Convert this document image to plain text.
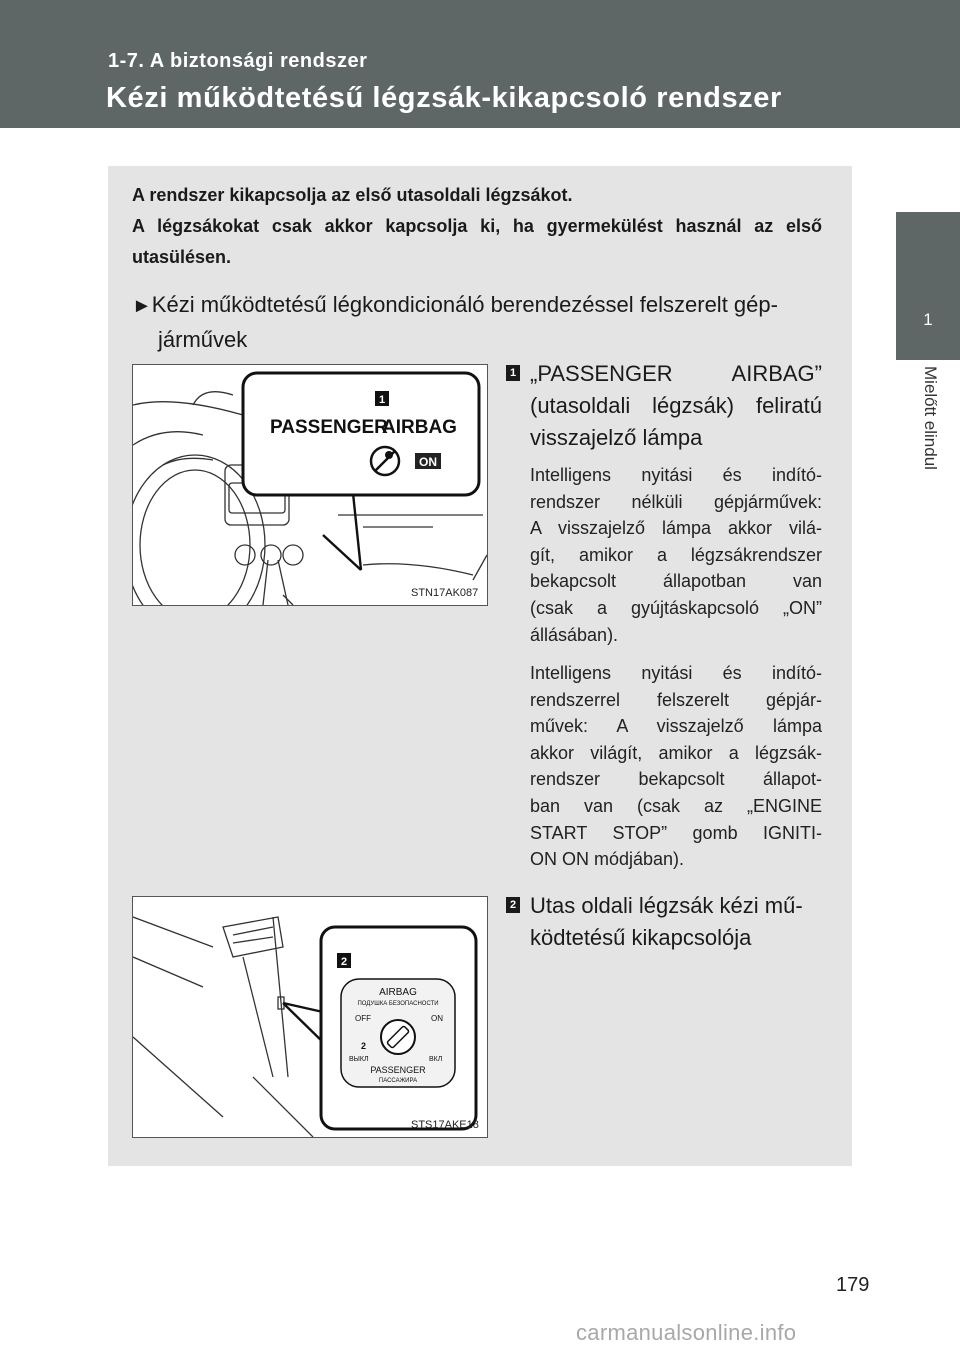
1-7. A biztonsági rendszer
Kézi működtetésű légzsák-kikapcsoló rendszer
1
Mielőtt elindul

A rendszer kikapcsolja az első utasoldali légzsákot.

A légzsákokat csak akkor kapcsolja ki, ha gyermekülést használ az első utasülésen.

►Kézi működtetésű légkondicionáló berendezéssel felszerelt gép-
járművek
1
PASSENGER
AIRBAG
ON
STN17AK087
2
AIRBAG
ПОДУШКА БЕЗОПАСНОСТИ
OFF	ON
2
ВЫКЛ	ВКЛ
PASSENGER
ПАССАЖИРА
STS17AKE18
1 „PASSENGER AIRBAG”
(utasoldali légzsák) feliratú
visszajelző lámpa
Intelligens nyitási és indító-
rendszer nélküli gépjárművek:
A visszajelző lámpa akkor vilá-
gít, amikor a légzsákrendszer
bekapcsolt állapotban van
(csak a gyújtáskapcsoló „ON”
állásában).
Intelligens nyitási és indító-
rendszerrel felszerelt gépjár-
művek: A visszajelző lámpa
akkor világít, amikor a légzsák-
rendszer bekapcsolt állapot-
ban van (csak az „ENGINE
START STOP” gomb IGNITI-
ON ON módjában).
2 Utas oldali légzsák kézi mű-
ködtetésű kikapcsolója
179
carmanualsonline.info
